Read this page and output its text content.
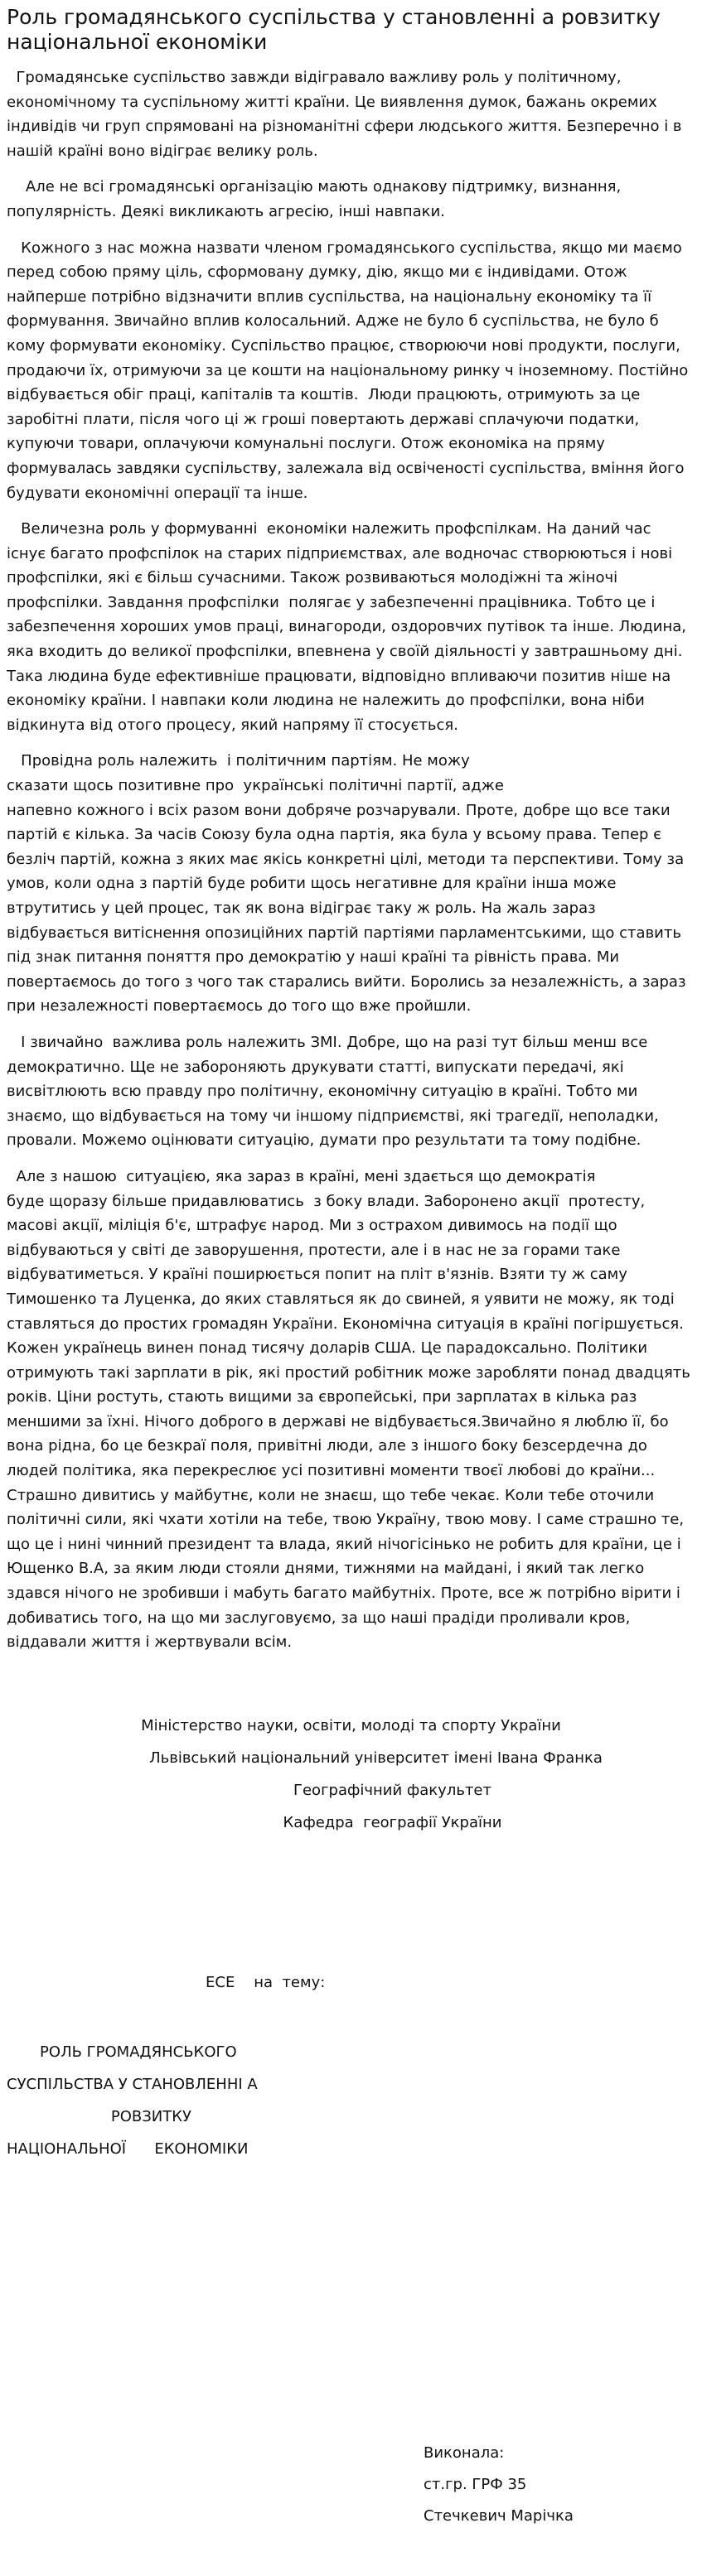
Роль громадянського суспільства у становленні а ровзитку національної економіки

Громадянське суспільство завжди відігравало важливу роль у політичному, економічному та суспільному житті країни. Це виявлення думок, бажань окремих індивідів чи груп спрямовані на різноманітні сфери людського життя. Безперечно і в нашій країні воно відіграє велику роль.

Але не всі громадянські організацію мають однакову підтримку, визнання, популярність. Деякі викликають агресію, інші навпаки.

Кожного з нас можна назвати членом громадянського суспільства, якщо ми маємо перед собою пряму ціль, сформовану думку, дію, якщо ми є індивідами. Отож найперше потрібно відзначити вплив суспільства, на національну економіку та її формування. Звичайно вплив колосальний. Адже не було б суспільства, не було б кому формувати економіку. Суспільство працює, створюючи нові продукти, послуги, продаючи їх, отримуючи за це кошти на національному ринку ч іноземному. Постійно відбувається обіг праці, капіталів та коштів.  Люди працюють, отримують за це заробітні плати, після чого ці ж гроші повертають державі сплачуючи податки, купуючи товари, оплачуючи комунальні послуги. Отож економіка на пряму формувалась завдяки суспільству, залежала від освіченості суспільства, вміння його будувати економічні операції та інше.

Величезна роль у формуванні  економіки належить профспілкам. На даний час існує багато профспілок на старих підприємствах, але водночас створюються і нові профспілки, які є більш сучасними. Також розвиваються молодіжні та жіночі профспілки. Завдання профспілки  полягає у забезпеченні працівника. Тобто це і забезпечення хороших умов праці, винагороди, оздоровчих путівок та інше. Людина, яка входить до великої профспілки, впевнена у своїй діяльності у завтрашньому дні. Така людина буде ефективніше працювати, відповідно впливаючи позитив ніше на економіку країни. І навпаки коли людина не належить до профспілки, вона ніби відкинута від отого процесу, який напряму її стосується.

Провідна роль належить  і політичним партіям. Не можу
сказати щось позитивне про  українські політичні партії, адже
напевно кожного і всіх разом вони добряче розчарували. Проте, добре що все таки партій є кілька. За часів Союзу була одна партія, яка була у всьому права. Тепер є безліч партій, кожна з яких має якісь конкретні цілі, методи та перспективи. Тому за умов, коли одна з партій буде робити щось негативне для країни інша може втрутитись у цей процес, так як вона відіграє таку ж роль. На жаль зараз відбувається витіснення опозиційних партій партіями парламентськими, що ставить під знак питання поняття про демократію у наші країні та рівність права. Ми повертаємось до того з чого так старались вийти. Боролись за незалежність, а зараз при незалежності повертаємось до того що вже пройшли.

І звичайно  важлива роль належить ЗМІ. Добре, що на разі тут більш менш все демократично. Ще не забороняють друкувати статті, випускати передачі, які висвітлюють всю правду про політичну, економічну ситуацію в країні. Тобто ми знаємо, що відбувається на тому чи іншому підприємстві, які трагедії, неполадки, провали. Можемо оцінювати ситуацію, думати про результати та тому подібне.

Але з нашою  ситуацією, яка зараз в країні, мені здається що демократія
буде щоразу більше придавлюватись  з боку влади. Заборонено акції  протесту, масові акції, міліція б'є, штрафує народ. Ми з острахом дивимось на події що відбуваються у світі де заворушення, протести, але і в нас не за горами таке відбуватиметься. У країні поширюється попит на пліт в'язнів. Взяти ту ж саму Тимошенко та Луценка, до яких ставляться як до свиней, я уявити не можу, як тоді ставляться до простих громадян України. Економічна ситуація в країні погіршується. Кожен українець винен понад тисячу доларів США. Це парадоксально. Політики отримують такі зарплати в рік, які простий робітник може заробляти понад двадцять років. Ціни ростуть, стають вищими за європейські, при зарплатах в кілька раз меншими за їхні. Нічого доброго в державі не відбувається.Звичайно я люблю її, бо вона рідна, бо це безкраї поля, привітні люди, але з іншого боку безсердечна до людей політика, яка перекреслює усі позитивні моменти твоєї любові до країни... Страшно дивитись у майбутнє, коли не знаєш, що тебе чекає. Коли тебе оточили політичні сили, які чхати хотіли на тебе, твою Україну, твою мову. І саме страшно те, що це і нині чинний президент та влада, який нічогісінько не робить для країни, це і Ющенко В.А, за яким люди стояли днями, тижнями на майдані, і який так легко здався нічого не зробивши і мабуть багато майбутніх. Проте, все ж потрібно вірити і добиватись того, на що ми заслуговуємо, за що наші прадіди проливали кров, віддавали життя і жертвували всім.

Міністерство науки, освіти, молоді та спорту України
Львівський національний університет імені Івана Франка
Географічний факультет
Кафедра  географії України
ЕСЕ    на  тему:
РОЛЬ ГРОМАДЯНСЬКОГО
СУСПІЛЬСТВА У СТАНОВЛЕННІ А
РОВЗИТКУ
НАЦІОНАЛЬНОЇ      ЕКОНОМІКИ
Виконала:
ст.гр. ГРФ 35
Стечкевич Марічка
